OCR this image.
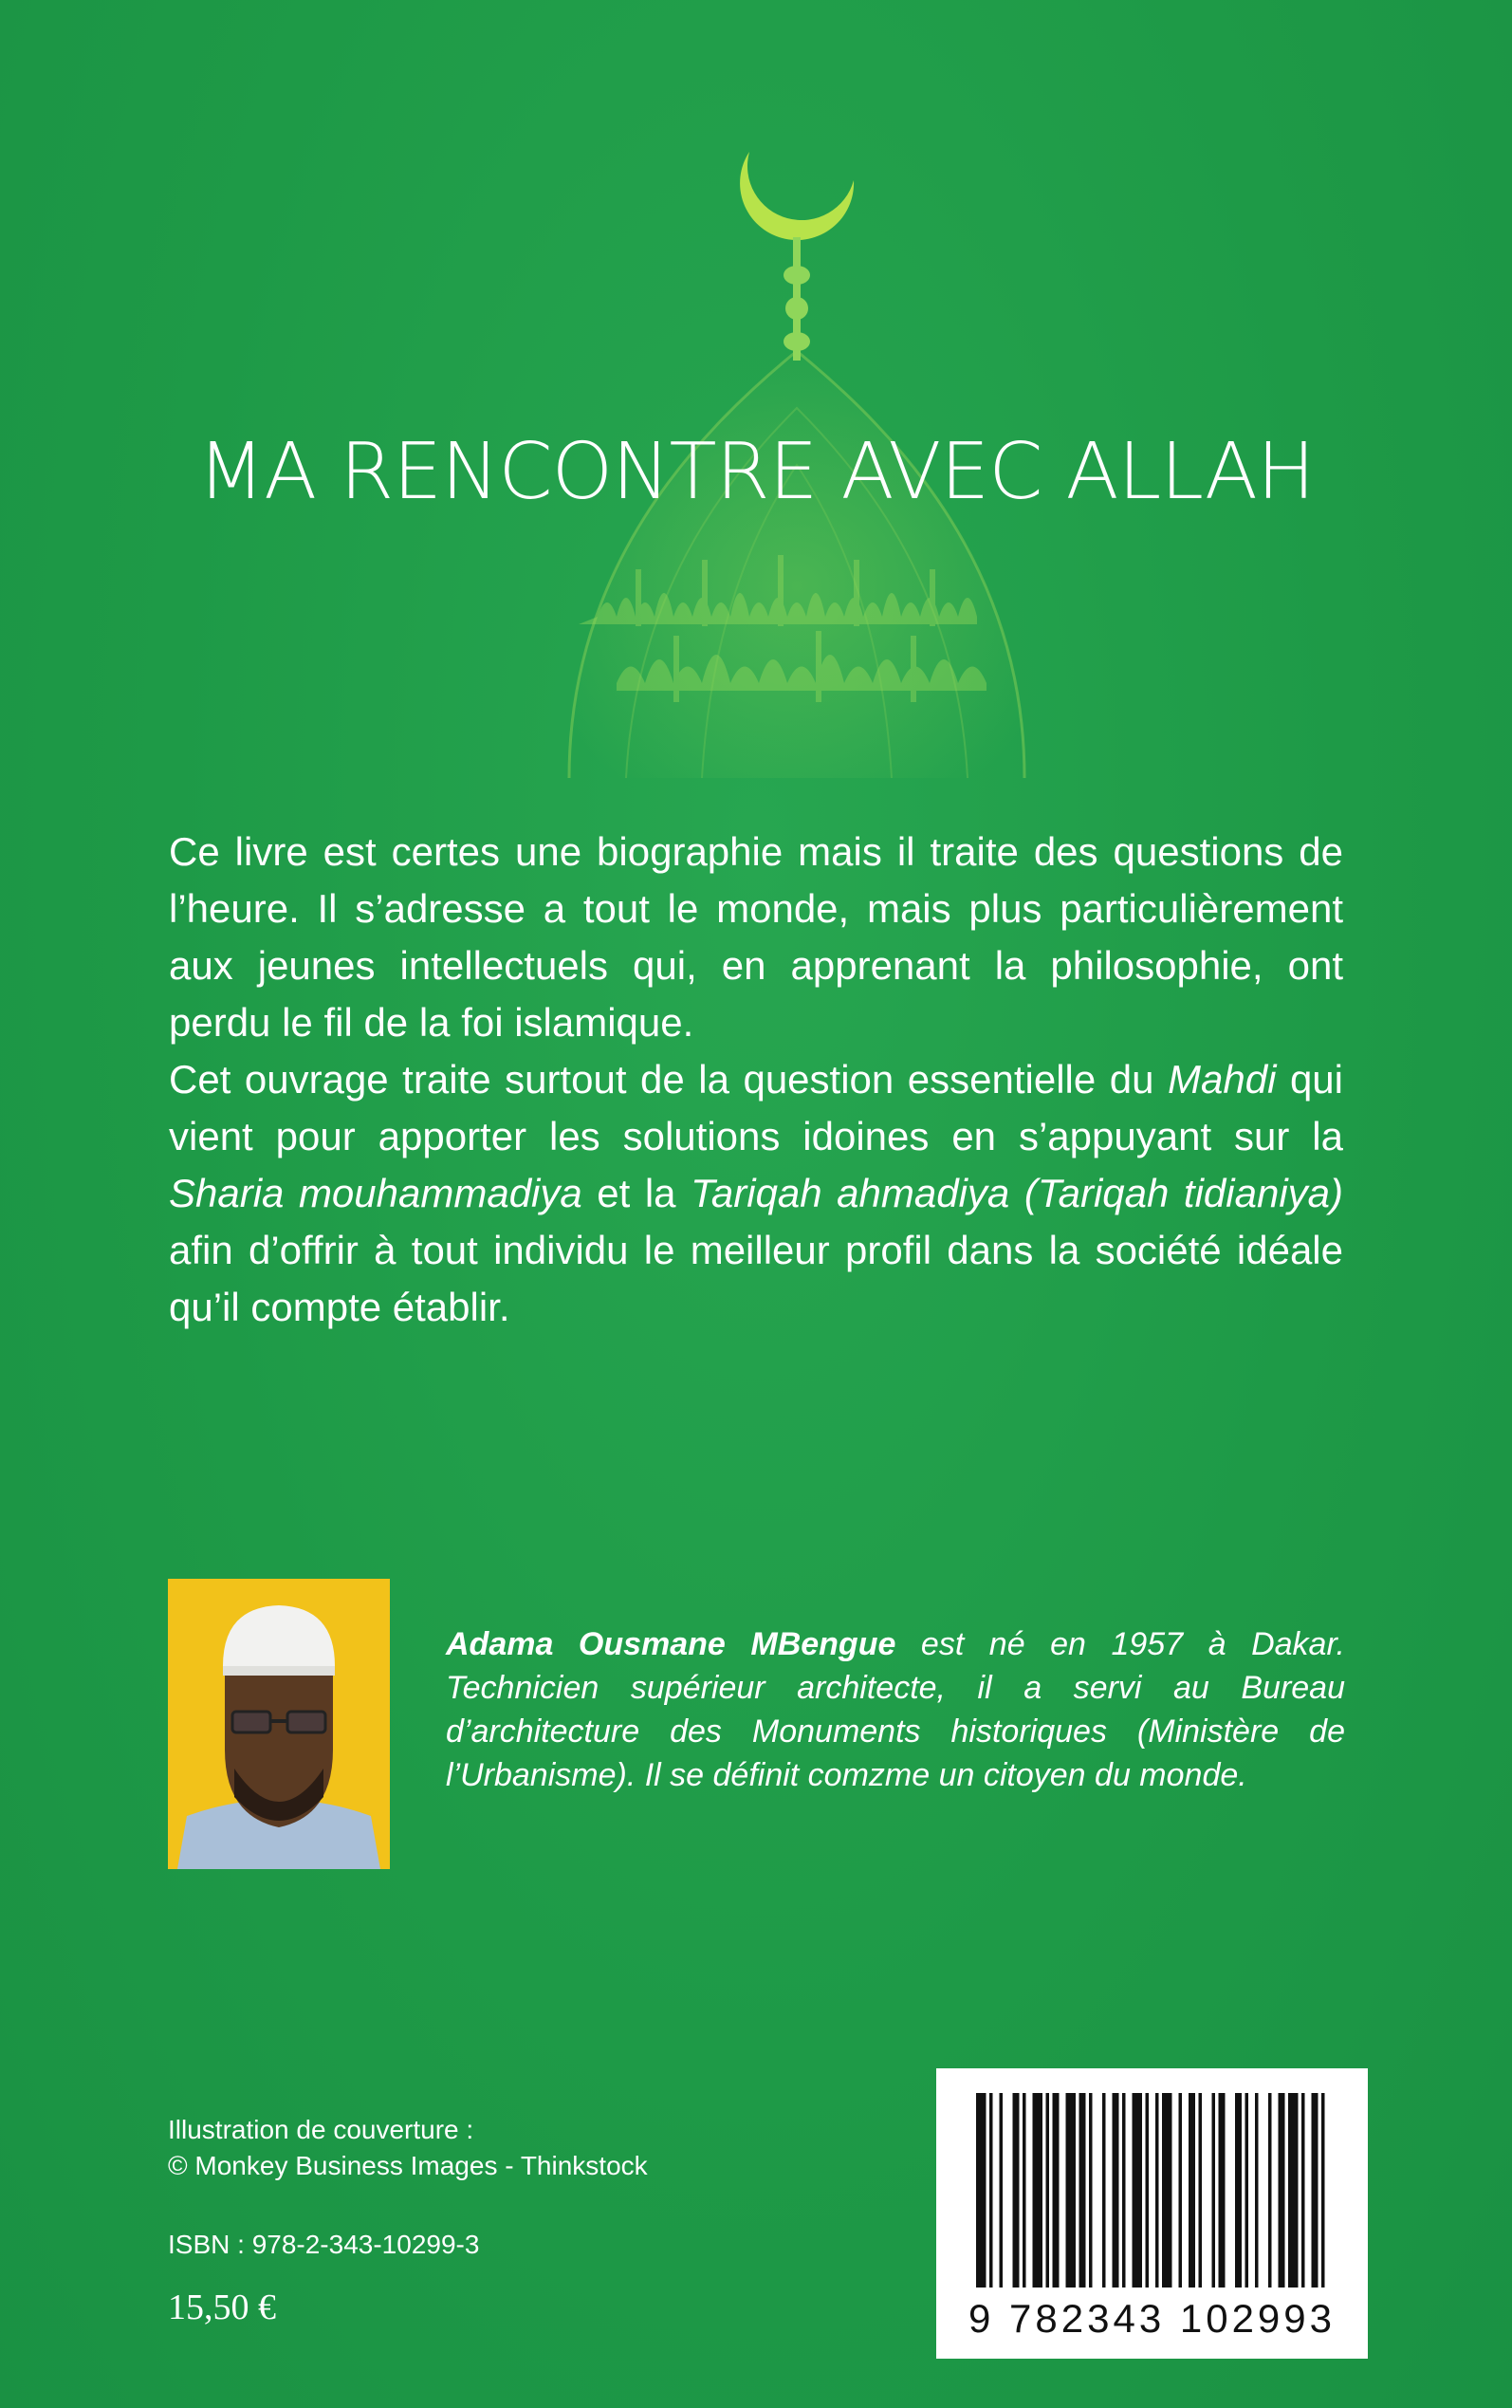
MA RENCONTRE AVEC ALLAH

Ce livre est certes une biographie mais il traite des questions de l’heure. Il s’adresse a tout le monde, mais plus particulièrement aux jeunes intellectuels qui, en apprenant la philosophie, ont perdu le fil de la foi islamique.

Cet ouvrage traite surtout de la question essentielle du Mahdi qui vient pour apporter les solutions idoines en s’appuyant sur la Sharia mouhammadiya et la Tariqah ahmadiya (Tariqah tidianiya) afin d’offrir à tout individu le meilleur profil dans la société idéale qu’il compte établir.

Adama Ousmane MBengue est né en 1957 à Dakar. Technicien supérieur architecte, il a servi au Bureau d’architecture des Monuments historiques (Ministère de l’Urbanisme). Il se définit comzme un citoyen du monde.
Illustration de couverture :
© Monkey Business Images - Thinkstock
ISBN : 978-2-343-10299-3
15,50 €	9 782343 102993
